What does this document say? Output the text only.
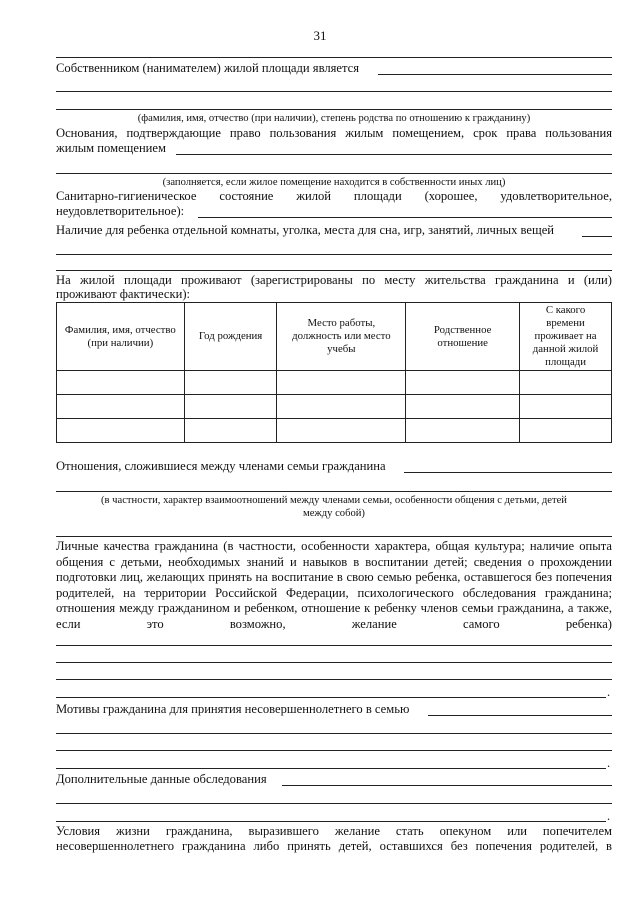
31
Собственником (нанимателем) жилой площади является
(фамилия, имя, отчество (при наличии), степень родства по отношению к гражданину)
Основания, подтверждающие право пользования жилым помещением, срок права пользования
жилым помещением
(заполняется, если жилое помещение находится в собственности иных лиц)
Санитарно-гигиеническое состояние жилой площади (хорошее, удовлетворительное,
неудовлетворительное):
Наличие для ребенка отдельной комнаты, уголка, места для сна, игр, занятий, личных вещей
На жилой площади проживают (зарегистрированы по месту жительства гражданина и (или)
проживают фактически):
Фамилия, имя, отчество (при наличии)	Год рождения	Место работы, должность или место учебы	Родственное отношение	С какого времени проживает на данной жилой площади

Отношения, сложившиеся между членами семьи гражданина
(в частности, характер взаимоотношений между членами семьи, особенности общения с детьми, детей
между собой)
Личные качества гражданина (в частности, особенности характера, общая культура; наличие опыта общения с детьми, необходимых знаний и навыков в воспитании детей; сведения о прохождении подготовки лиц, желающих принять на воспитание в свою семью ребенка, оставшегося без попечения родителей, на территории Российской Федерации, психологического обследования гражданина; отношения между гражданином и ребенком, отношение к ребенку членов семьи гражданина, а также, если это возможно, желание самого ребенка)
.
Мотивы гражданина для принятия несовершеннолетнего в семью
.
Дополнительные данные обследования
.
Условия жизни гражданина, выразившего желание стать опекуном или попечителем несовершеннолетнего гражданина либо принять детей, оставшихся без попечения родителей, в
